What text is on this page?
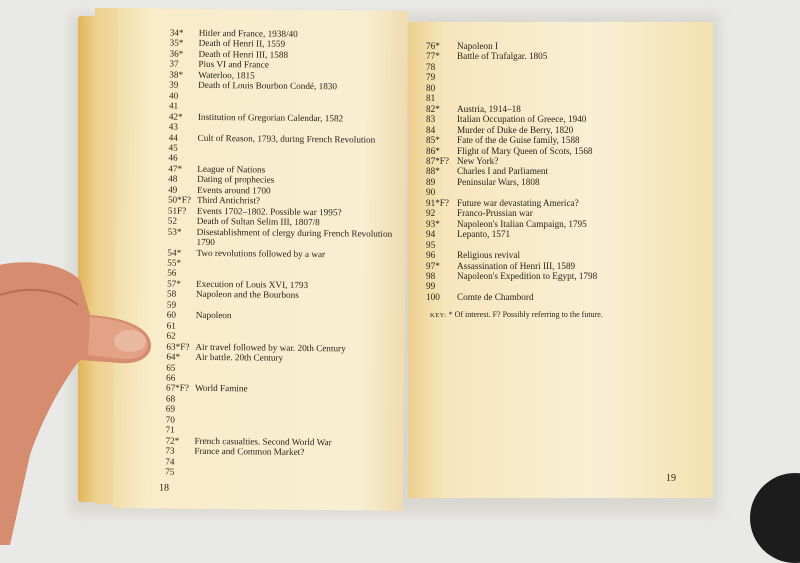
34*	Hitler and France, 1938/40
35*	Death of Henri II, 1559
36*	Death of Henri III, 1588
37	Pius VI and France
38*	Waterloo, 1815
39	Death of Louis Bourbon Condé, 1830
40
41
42*	Institution of Gregorian Calendar, 1582
43
44	Cult of Reason, 1793, during French Revolution
45
46
47*	League of Nations
48	Dating of prophecies
49	Events around 1700
50*F? Third Antichrist?
51F?	Events 1702–1802. Possible war 1995?
52	Death of Sultan Selim III, 1807/8
53*	Disestablishment of clergy during French Revolution
1790
54*	Two revolutions followed by a war
55*
56
57*	Execution of Louis XVI, 1793
58	Napoleon and the Bourbons
59
60	Napoleon
61
62
63*F? Air travel followed by war. 20th Century
64*	Air battle. 20th Century
65
66
67*F? World Famine
68
69
70
71
72*	French casualties. Second World War
73	France and Common Market?
74
75
18
76*	Napoleon I
77*	Battle of Trafalgar. 1805
78
79
80
81
82*	Austria, 1914–18
83	Italian Occupation of Greece, 1940
84	Murder of Duke de Berry, 1820
85*	Fate of the de Guise family, 1588
86*	Flight of Mary Queen of Scots, 1568
87*F? New York?
88*	Charles I and Parliament
89	Peninsular Wars, 1808
90
91*F? Future war devastating America?
92	Franco-Prussian war
93*	Napoleon's Italian Campaign, 1795
94	Lepanto, 1571
95
96	Religious revival
97*	Assassination of Henri III, 1589
98	Napoleon's Expedition to Egypt, 1798
99
100	Comte de Chambord
KEY: * Of interest. F? Possibly referring to the future.
19
